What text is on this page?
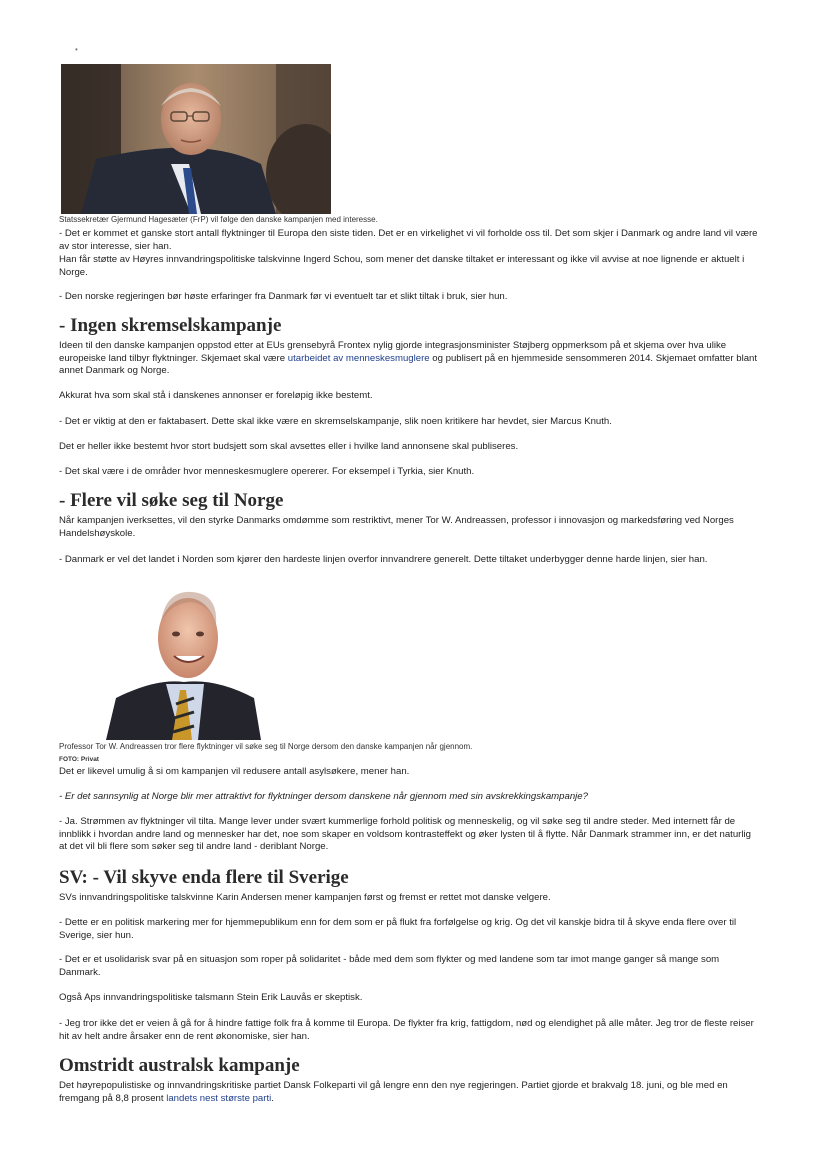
•

Statssekretær Gjermund Hagesæter (FrP) vil følge den danske kampanjen med interesse.

- Det er kommet et ganske stort antall flyktninger til Europa den siste tiden. Det er en virkelighet vi vil forholde oss til. Det som skjer i Danmark og andre land vil være av stor interesse, sier han.

Han får støtte av Høyres innvandringspolitiske talskvinne Ingerd Schou, som mener det danske tiltaket er interessant og ikke vil avvise at noe lignende er aktuelt i Norge.

- Den norske regjeringen bør høste erfaringer fra Danmark før vi eventuelt tar et slikt tiltak i bruk, sier hun.

- Ingen skremselskampanje

Ideen til den danske kampanjen oppstod etter at EUs grensebyrå Frontex nylig gjorde integrasjonsminister Støjberg oppmerksom på et skjema over hva ulike europeiske land tilbyr flyktninger. Skjemaet skal være utarbeidet av menneskesmuglere og publisert på en hjemmeside sensommeren 2014. Skjemaet omfatter blant annet Danmark og Norge.

Akkurat hva som skal stå i danskenes annonser er foreløpig ikke bestemt.

- Det er viktig at den er faktabasert. Dette skal ikke være en skremselskampanje, slik noen kritikere har hevdet, sier Marcus Knuth.

Det er heller ikke bestemt hvor stort budsjett som skal avsettes eller i hvilke land annonsene skal publiseres.

- Det skal være i de områder hvor menneskesmuglere opererer. For eksempel i Tyrkia, sier Knuth.

- Flere vil søke seg til Norge

Når kampanjen iverksettes, vil den styrke Danmarks omdømme som restriktivt, mener Tor W. Andreassen, professor i innovasjon og markedsføring ved Norges Handelshøyskole.

- Danmark er vel det landet i Norden som kjører den hardeste linjen overfor innvandrere generelt. Dette tiltaket underbygger denne harde linjen, sier han.

Professor Tor W. Andreassen tror flere flyktninger vil søke seg til Norge dersom den danske kampanjen når gjennom.

FOTO: Privat

Det er likevel umulig å si om kampanjen vil redusere antall asylsøkere, mener han.

- Er det sannsynlig at Norge blir mer attraktivt for flyktninger dersom danskene når gjennom med sin avskrekkingskampanje?

- Ja. Strømmen av flyktninger vil tilta. Mange lever under svært kummerlige forhold politisk og menneskelig, og vil søke seg til andre steder. Med internett får de innblikk i hvordan andre land og mennesker har det, noe som skaper en voldsom kontrasteffekt og øker lysten til å flytte. Når Danmark strammer inn, er det naturlig at det vil bli flere som søker seg til andre land - deriblant Norge.

SV: - Vil skyve enda flere til Sverige

SVs innvandringspolitiske talskvinne Karin Andersen mener kampanjen først og fremst er rettet mot danske velgere.

- Dette er en politisk markering mer for hjemmepublikum enn for dem som er på flukt fra forfølgelse og krig. Og det vil kanskje bidra til å skyve enda flere over til Sverige, sier hun.

- Det er et usolidarisk svar på en situasjon som roper på solidaritet - både med dem som flykter og med landene som tar imot mange ganger så mange som Danmark.

Også Aps innvandringspolitiske talsmann Stein Erik Lauvås er skeptisk.

- Jeg tror ikke det er veien å gå for å hindre fattige folk fra å komme til Europa. De flykter fra krig, fattigdom, nød og elendighet på alle måter. Jeg tror de fleste reiser hit av helt andre årsaker enn de rent økonomiske, sier han.

Omstridt australsk kampanje

Det høyrepopulistiske og innvandringskritiske partiet Dansk Folkeparti vil gå lengre enn den nye regjeringen. Partiet gjorde et brakvalg 18. juni, og ble med en fremgang på 8,8 prosent landets nest største parti.
